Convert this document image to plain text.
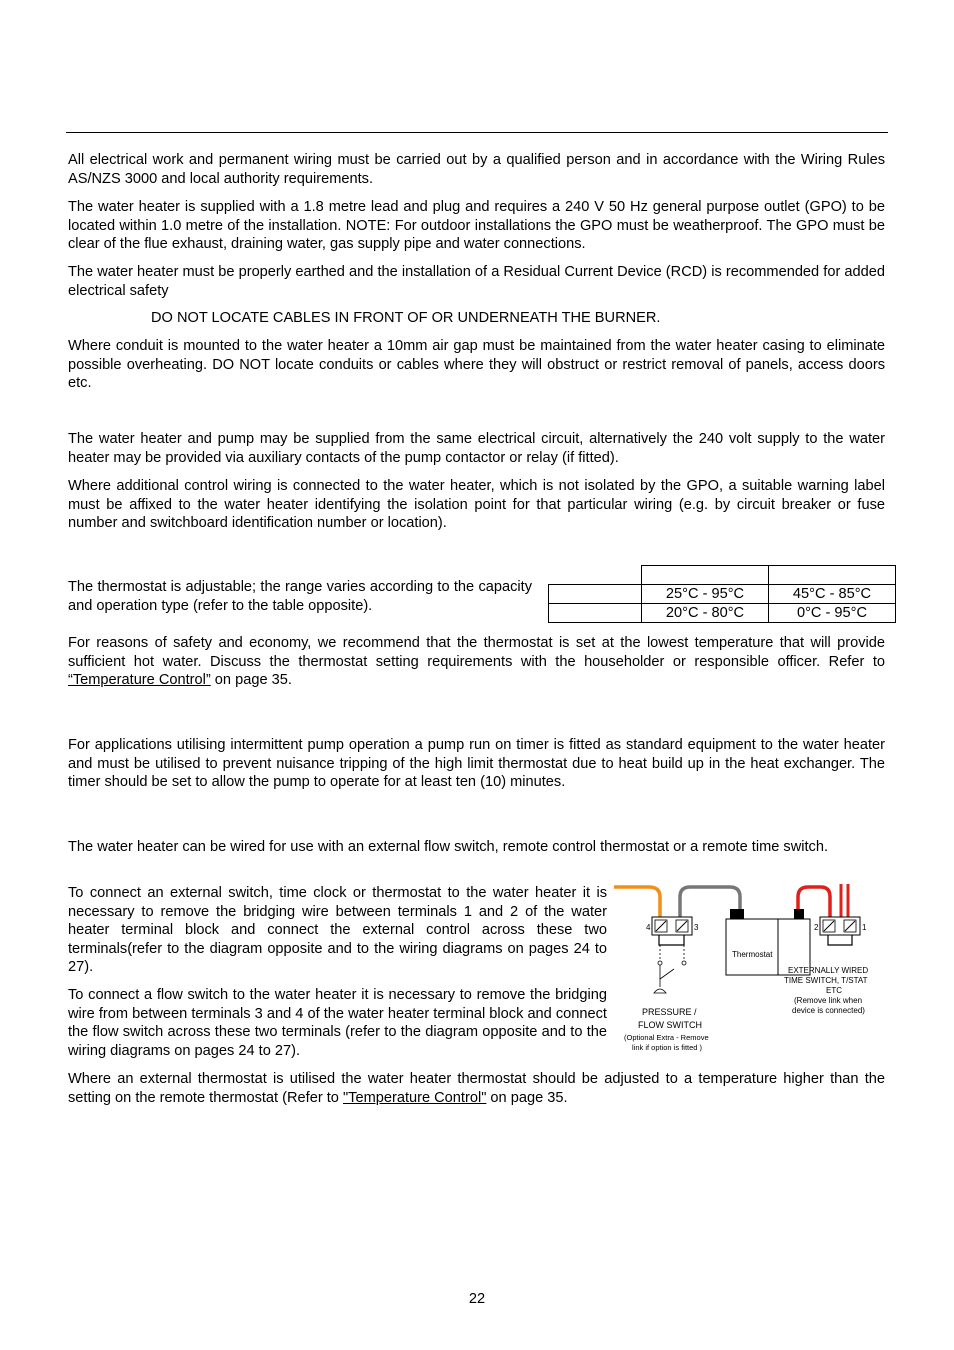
All electrical work and permanent wiring must be carried out by a qualified person and in accordance with the Wiring Rules AS/NZS 3000 and local authority requirements.

The water heater is supplied with a 1.8 metre lead and plug and requires a 240 V 50 Hz general purpose outlet (GPO) to be located within 1.0 metre of the installation. NOTE: For outdoor installations the GPO must be weatherproof. The GPO must be clear of the flue exhaust, draining water, gas supply pipe and water connections.

The water heater must be properly earthed and the installation of a Residual Current Device (RCD) is recommended for added electrical safety

DO NOT LOCATE CABLES IN FRONT OF OR UNDERNEATH THE BURNER.

Where conduit is mounted to the water heater a 10mm air gap must be maintained from the water heater casing to eliminate possible overheating. DO NOT locate conduits or cables where they will obstruct or restrict removal of panels, access doors etc.

The water heater and pump may be supplied from the same electrical circuit, alternatively the 240 volt supply to the water heater may be provided via auxiliary contacts of the pump contactor or relay (if fitted).

Where additional control wiring is connected to the water heater, which is not isolated by the GPO, a suitable warning label must be affixed to the water heater identifying the isolation point for that particular wiring (e.g. by circuit breaker or fuse number and switchboard identification number or location).

The thermostat is adjustable; the range varies according to the capacity and operation type (refer to the table opposite).

	25°C - 95°C	45°C - 85°C
	20°C - 80°C	0°C - 95°C

For reasons of safety and economy, we recommend that the thermostat is set at the lowest temperature that will provide sufficient hot water. Discuss the thermostat setting requirements with the householder or responsible officer. Refer to “Temperature Control” on page 35.

For applications utilising intermittent pump operation a pump run on timer is fitted as standard equipment to the water heater and must be utilised to prevent nuisance tripping of the high limit thermostat due to heat build up in the heat exchanger. The timer should be set to allow the pump to operate for at least ten (10) minutes.

The water heater can be wired for use with an external flow switch, remote control thermostat or a remote time switch.

To connect an external switch, time clock or thermostat to the water heater it is necessary to remove the bridging wire between terminals 1 and 2 of the water heater terminal block and connect the external control across these two terminals(refer to the diagram opposite and to the wiring diagrams on pages 24 to 27).

To connect a flow switch to the water heater it is necessary to remove the bridging wire from between terminals 3 and 4 of the water heater terminal block and connect the flow switch across these two terminals (refer to the diagram opposite and to the wiring diagrams on pages 24 to 27).

4	3
PRESSURE /
FLOW SWITCH
(Optional Extra - Remove
link if option is fitted )
Thermostat
2	1
EXTERNALLY WIRED
TIME SWITCH, T/STAT
ETC
(Remove link when
device is connected)

Where an external thermostat is utilised the water heater thermostat should be adjusted to a temperature higher than the setting on the remote thermostat (Refer to "Temperature Control" on page 35.

22
